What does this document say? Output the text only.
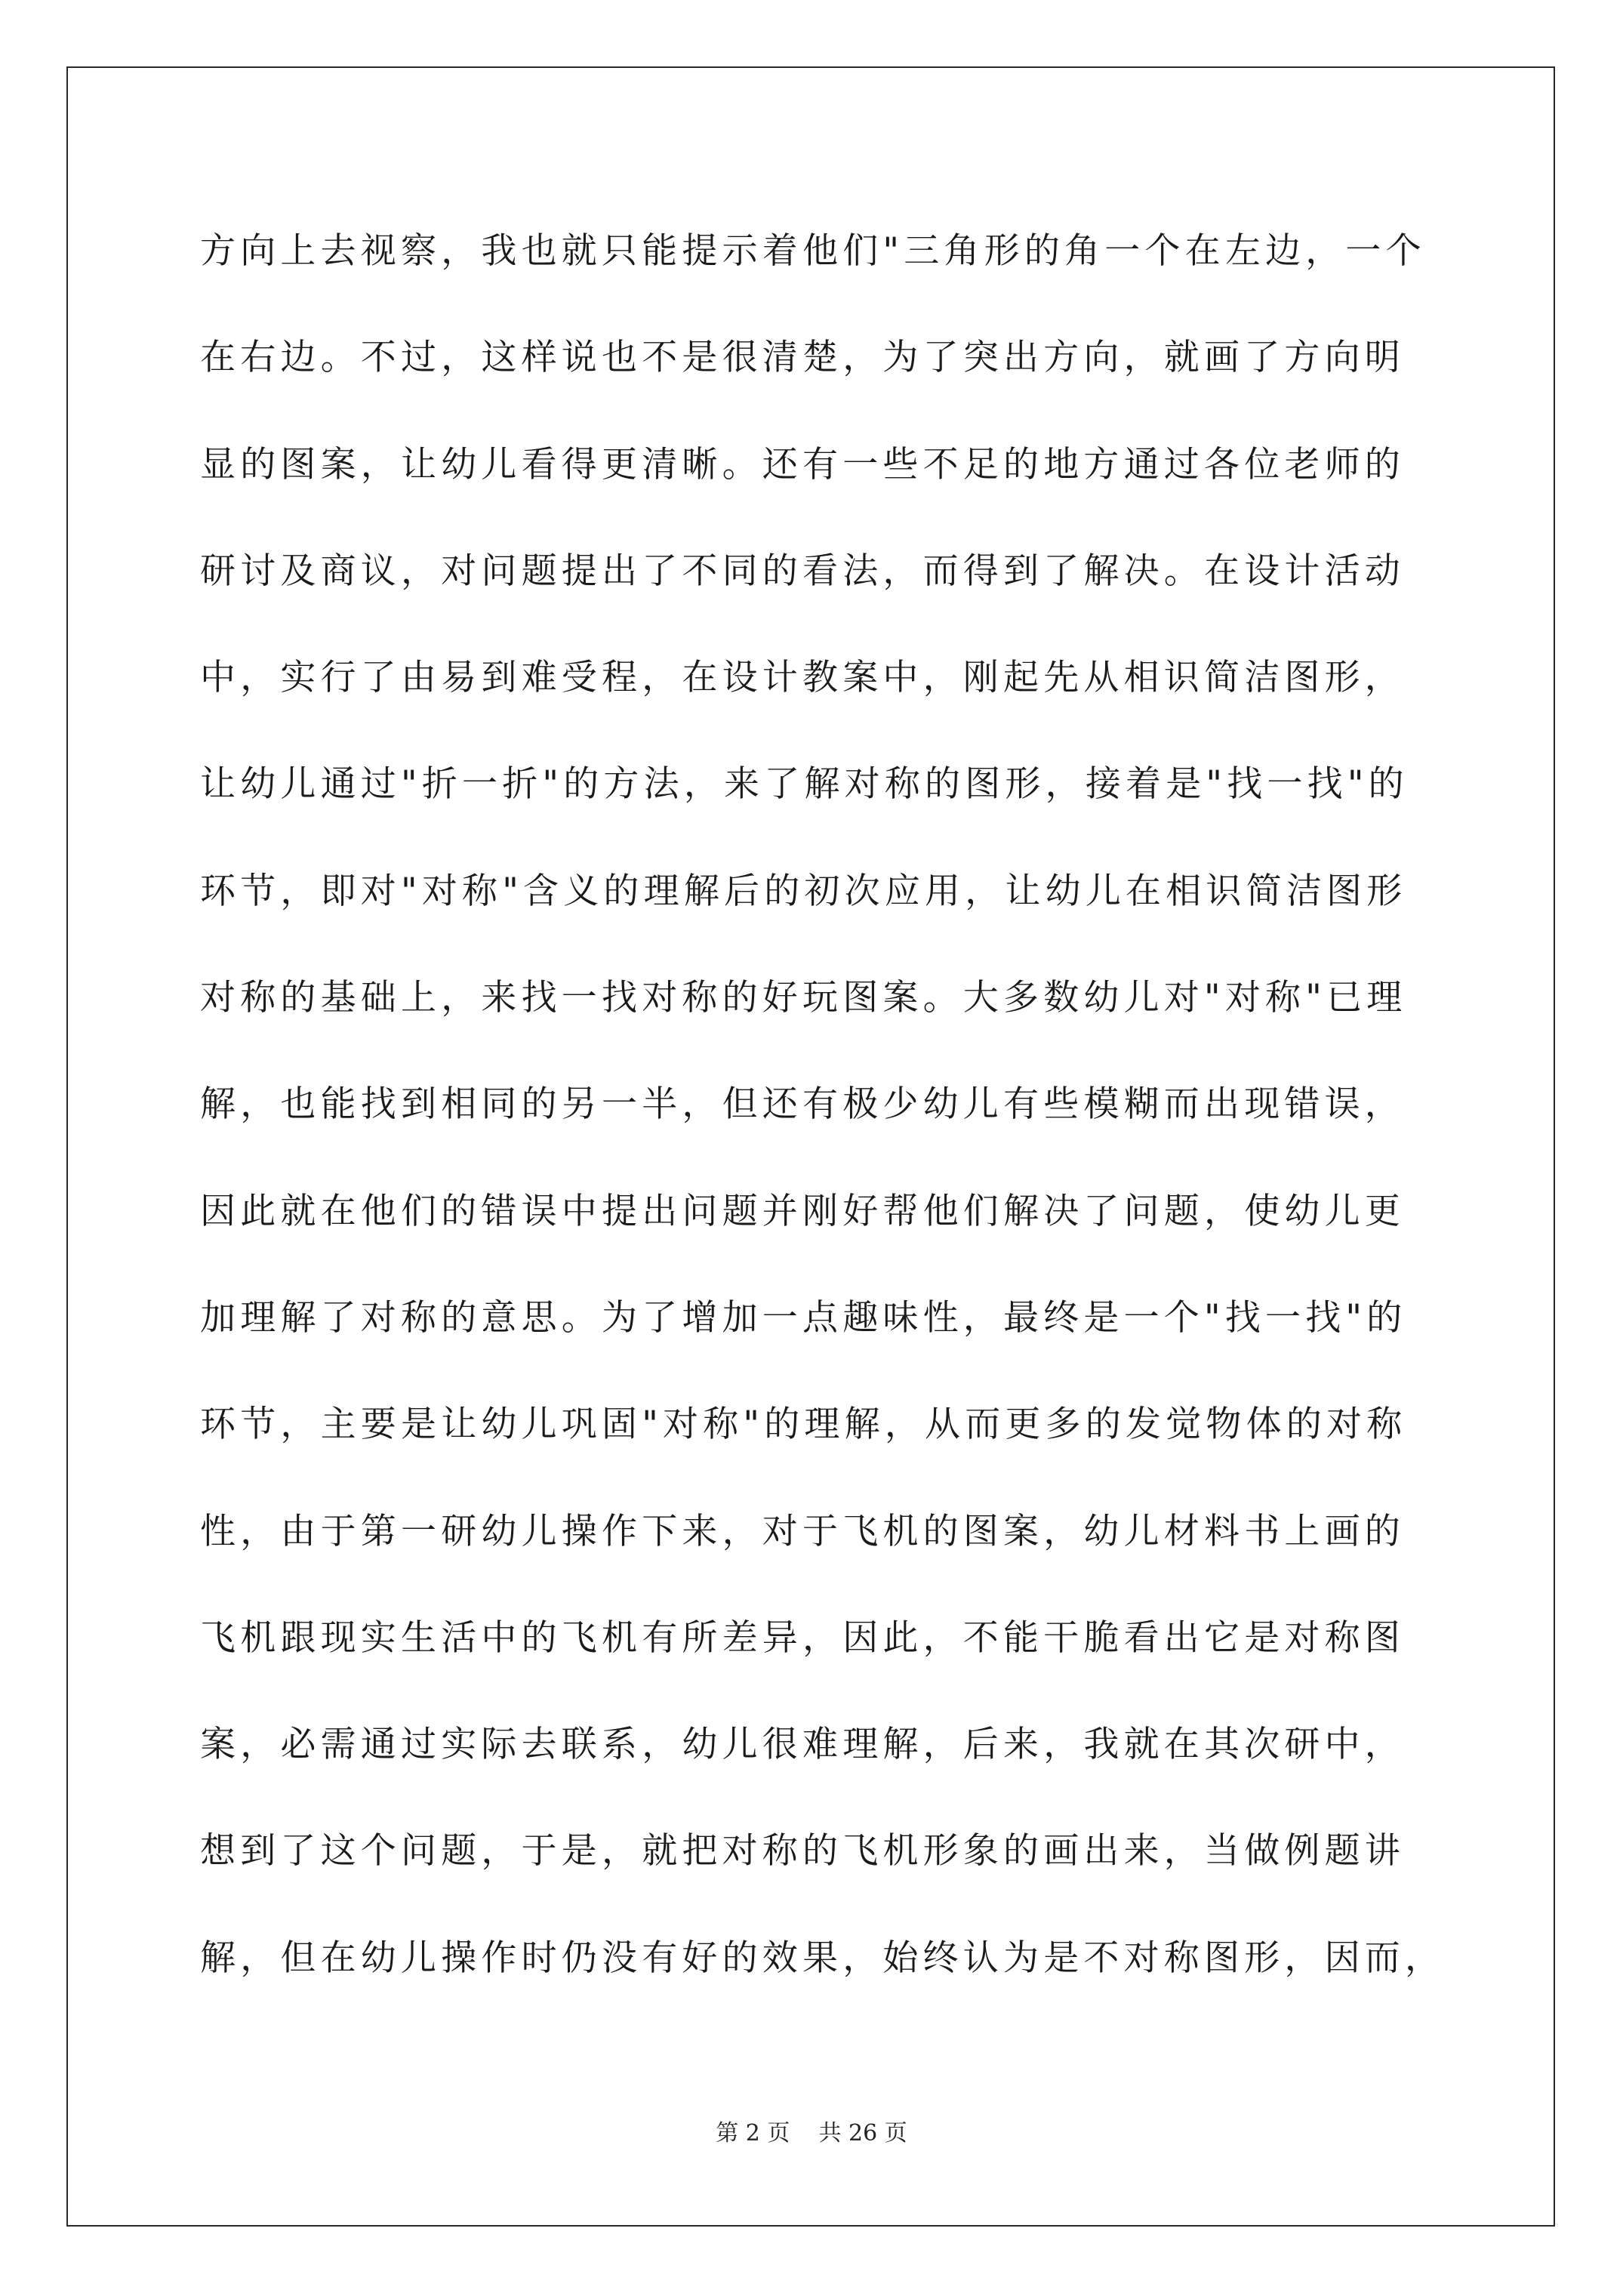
方向上去视察，我也就只能提示着他们"三角形的角一个在左边，一个
在右边。不过，这样说也不是很清楚，为了突出方向，就画了方向明
显的图案，让幼儿看得更清晰。还有一些不足的地方通过各位老师的
研讨及商议，对问题提出了不同的看法，而得到了解决。在设计活动
中，实行了由易到难受程，在设计教案中，刚起先从相识简洁图形，
让幼儿通过"折一折"的方法，来了解对称的图形，接着是"找一找"的
环节，即对"对称"含义的理解后的初次应用，让幼儿在相识简洁图形
对称的基础上，来找一找对称的好玩图案。大多数幼儿对"对称"已理
解，也能找到相同的另一半，但还有极少幼儿有些模糊而出现错误，
因此就在他们的错误中提出问题并刚好帮他们解决了问题，使幼儿更
加理解了对称的意思。为了增加一点趣味性，最终是一个"找一找"的
环节，主要是让幼儿巩固"对称"的理解，从而更多的发觉物体的对称
性，由于第一研幼儿操作下来，对于飞机的图案，幼儿材料书上画的
飞机跟现实生活中的飞机有所差异，因此，不能干脆看出它是对称图
案，必需通过实际去联系，幼儿很难理解，后来，我就在其次研中，
想到了这个问题，于是，就把对称的飞机形象的画出来，当做例题讲
解，但在幼儿操作时仍没有好的效果，始终认为是不对称图形，因而，
第 2 页    共 26 页
